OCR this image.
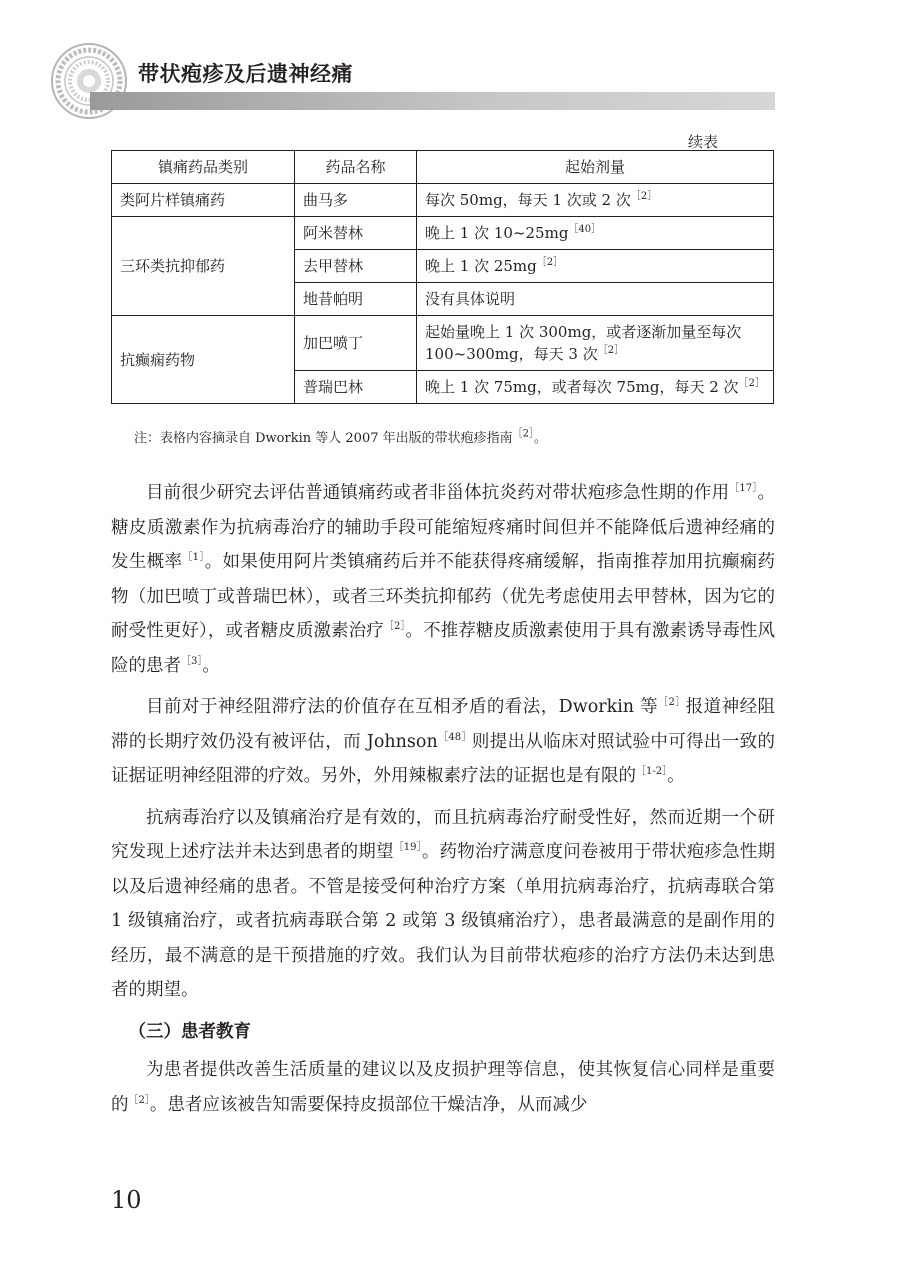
带状疱疹及后遗神经痛
续表
镇痛药品类别	药品名称	起始剂量
类阿片样镇痛药	曲马多	每次 50mg，每天 1 次或 2 次$^{[2]}$
三环类抗抑郁药	阿米替林	晚上 1 次 10~25mg$^{[40]}$
	去甲替林	晚上 1 次 25mg$^{[2]}$
	地昔帕明	没有具体说明
抗癫痫药物	加巴喷丁	起始量晚上 1 次 300mg，或者逐渐加量至每次 100~300mg，每天 3 次$^{[2]}$
	普瑞巴林	晚上 1 次 75mg，或者每次 75mg，每天 2 次$^{[2]}$
注：表格内容摘录自 Dworkin 等人 2007 年出版的带状疱疹指南$^{[2]}$。

目前很少研究去评估普通镇痛药或者非甾体抗炎药对带状疱疹急性期的作用$^{[17]}$。糖皮质激素作为抗病毒治疗的辅助手段可能缩短疼痛时间但并不能降低后遗神经痛的发生概率$^{[1]}$。如果使用阿片类镇痛药后并不能获得疼痛缓解，指南推荐加用抗癫痫药物（加巴喷丁或普瑞巴林），或者三环类抗抑郁药（优先考虑使用去甲替林，因为它的耐受性更好），或者糖皮质激素治疗$^{[2]}$。不推荐糖皮质激素使用于具有激素诱导毒性风险的患者$^{[3]}$。

目前对于神经阻滞疗法的价值存在互相矛盾的看法，Dworkin 等$^{[2]}$报道神经阻滞的长期疗效仍没有被评估，而 Johnson$^{[48]}$则提出从临床对照试验中可得出一致的证据证明神经阻滞的疗效。另外，外用辣椒素疗法的证据也是有限的$^{[1-2]}$。

抗病毒治疗以及镇痛治疗是有效的，而且抗病毒治疗耐受性好，然而近期一个研究发现上述疗法并未达到患者的期望$^{[19]}$。药物治疗满意度问卷被用于带状疱疹急性期以及后遗神经痛的患者。不管是接受何种治疗方案（单用抗病毒治疗，抗病毒联合第 1 级镇痛治疗，或者抗病毒联合第 2 或第 3 级镇痛治疗），患者最满意的是副作用的经历，最不满意的是干预措施的疗效。我们认为目前带状疱疹的治疗方法仍未达到患者的期望。

（三）患者教育

为患者提供改善生活质量的建议以及皮损护理等信息，使其恢复信心同样是重要的$^{[2]}$。患者应该被告知需要保持皮损部位干燥洁净，从而减少

10
